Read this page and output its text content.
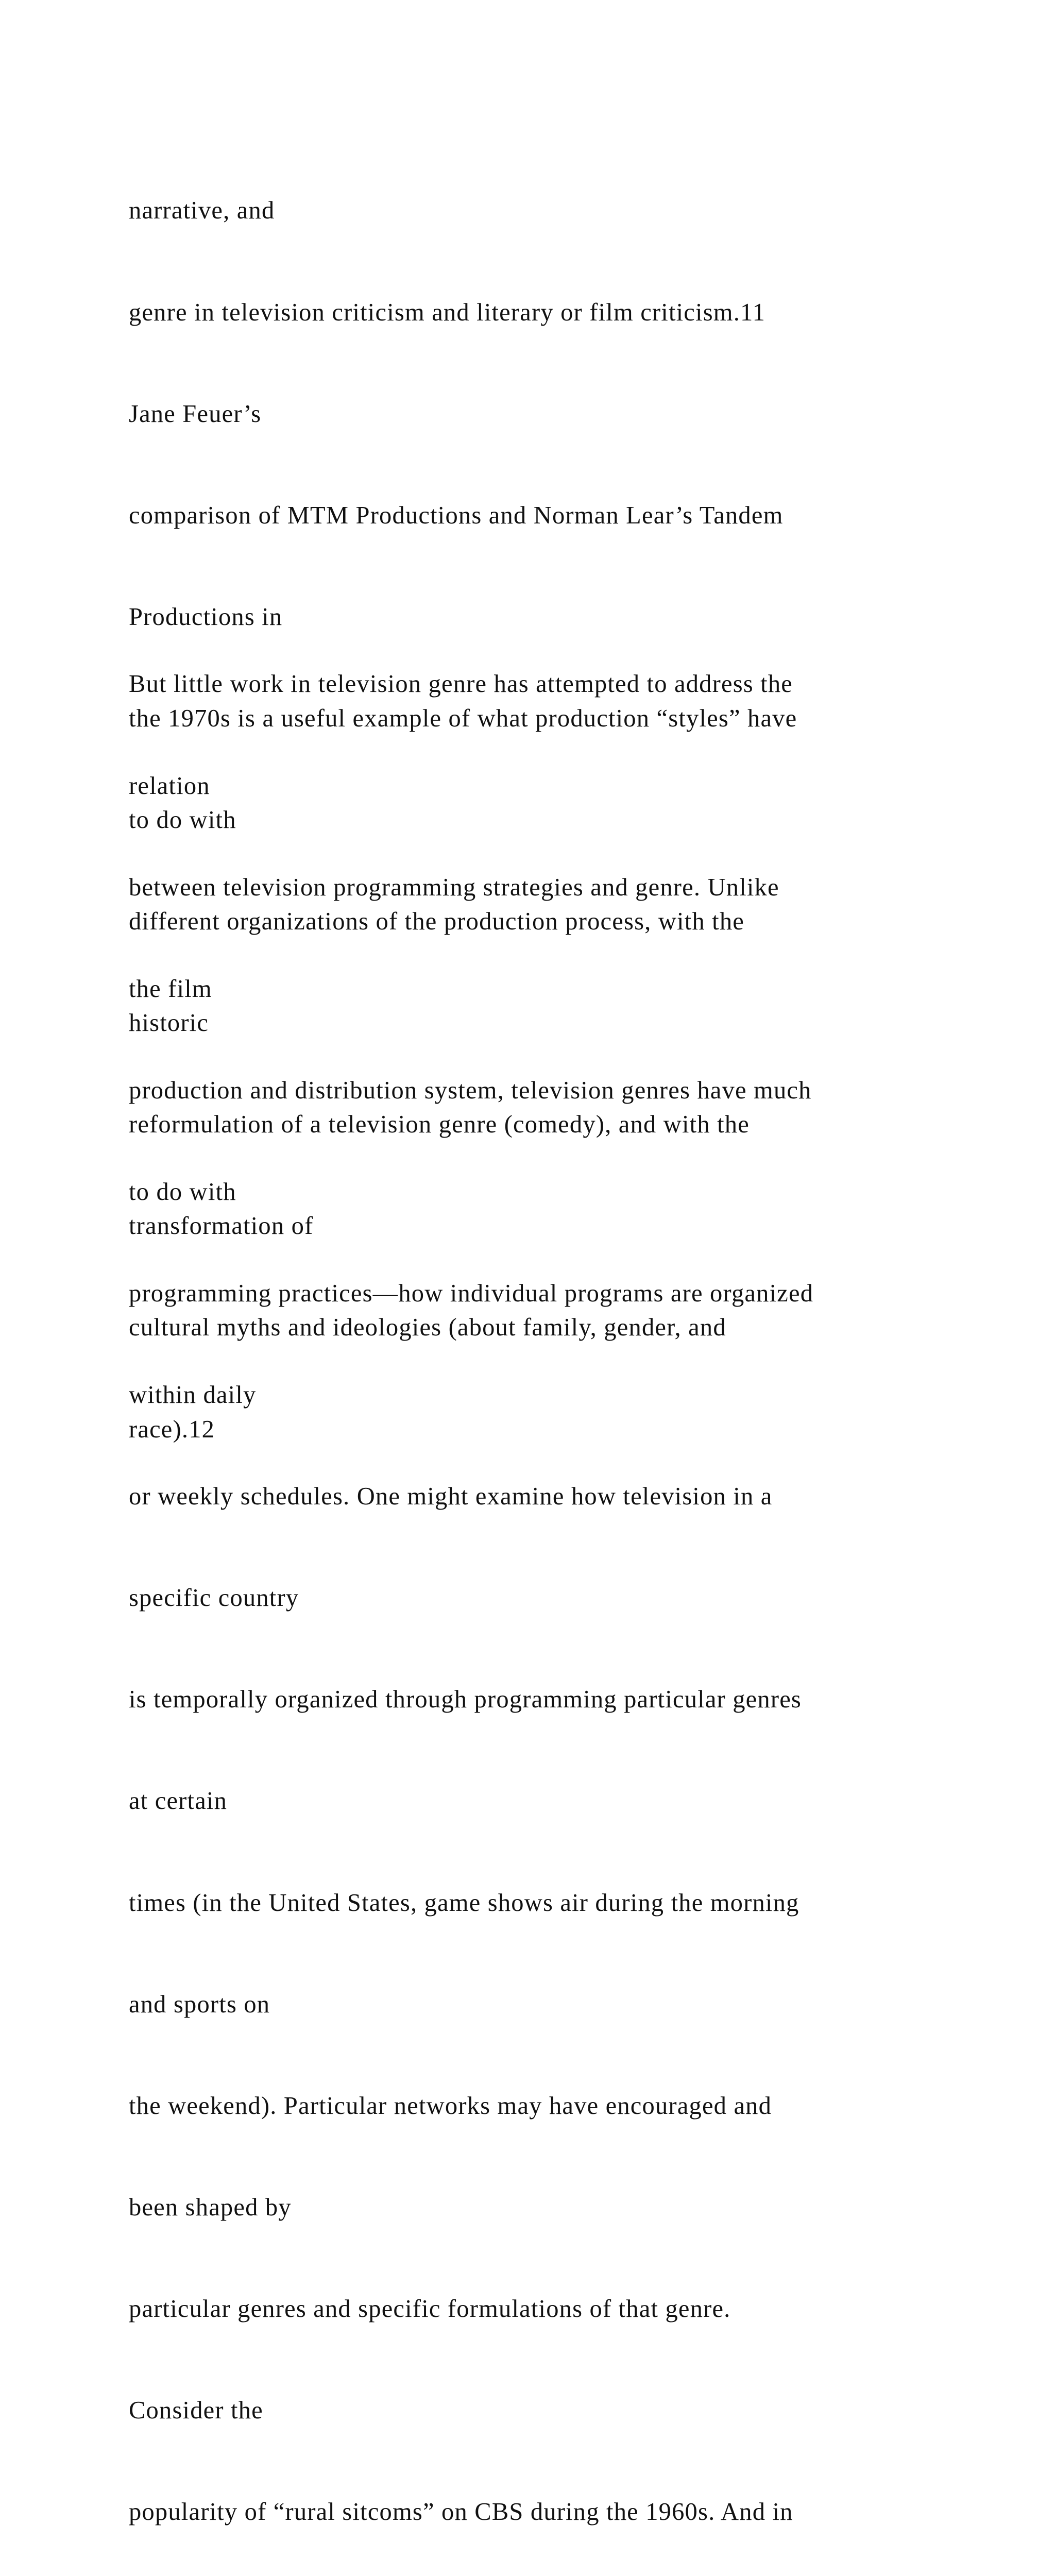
narrative, and

genre in television criticism and literary or film criticism.11

Jane Feuer’s

comparison of MTM Productions and Norman Lear’s Tandem

Productions in

the 1970s is a useful example of what production “styles” have

to do with

different organizations of the production process, with the

historic

reformulation of a television genre (comedy), and with the

transformation of

cultural myths and ideologies (about family, gender, and

race).12

But little work in television genre has attempted to address the

relation

between television programming strategies and genre. Unlike

the film

production and distribution system, television genres have much

to do with

programming practices—how individual programs are organized

within daily

or weekly schedules. One might examine how television in a

specific country

is temporally organized through programming particular genres

at certain

times (in the United States, game shows air during the morning

and sports on

the weekend). Particular networks may have encouraged and

been shaped by

particular genres and specific formulations of that genre.

Consider the

popularity of “rural sitcoms” on CBS during the 1960s. And in
